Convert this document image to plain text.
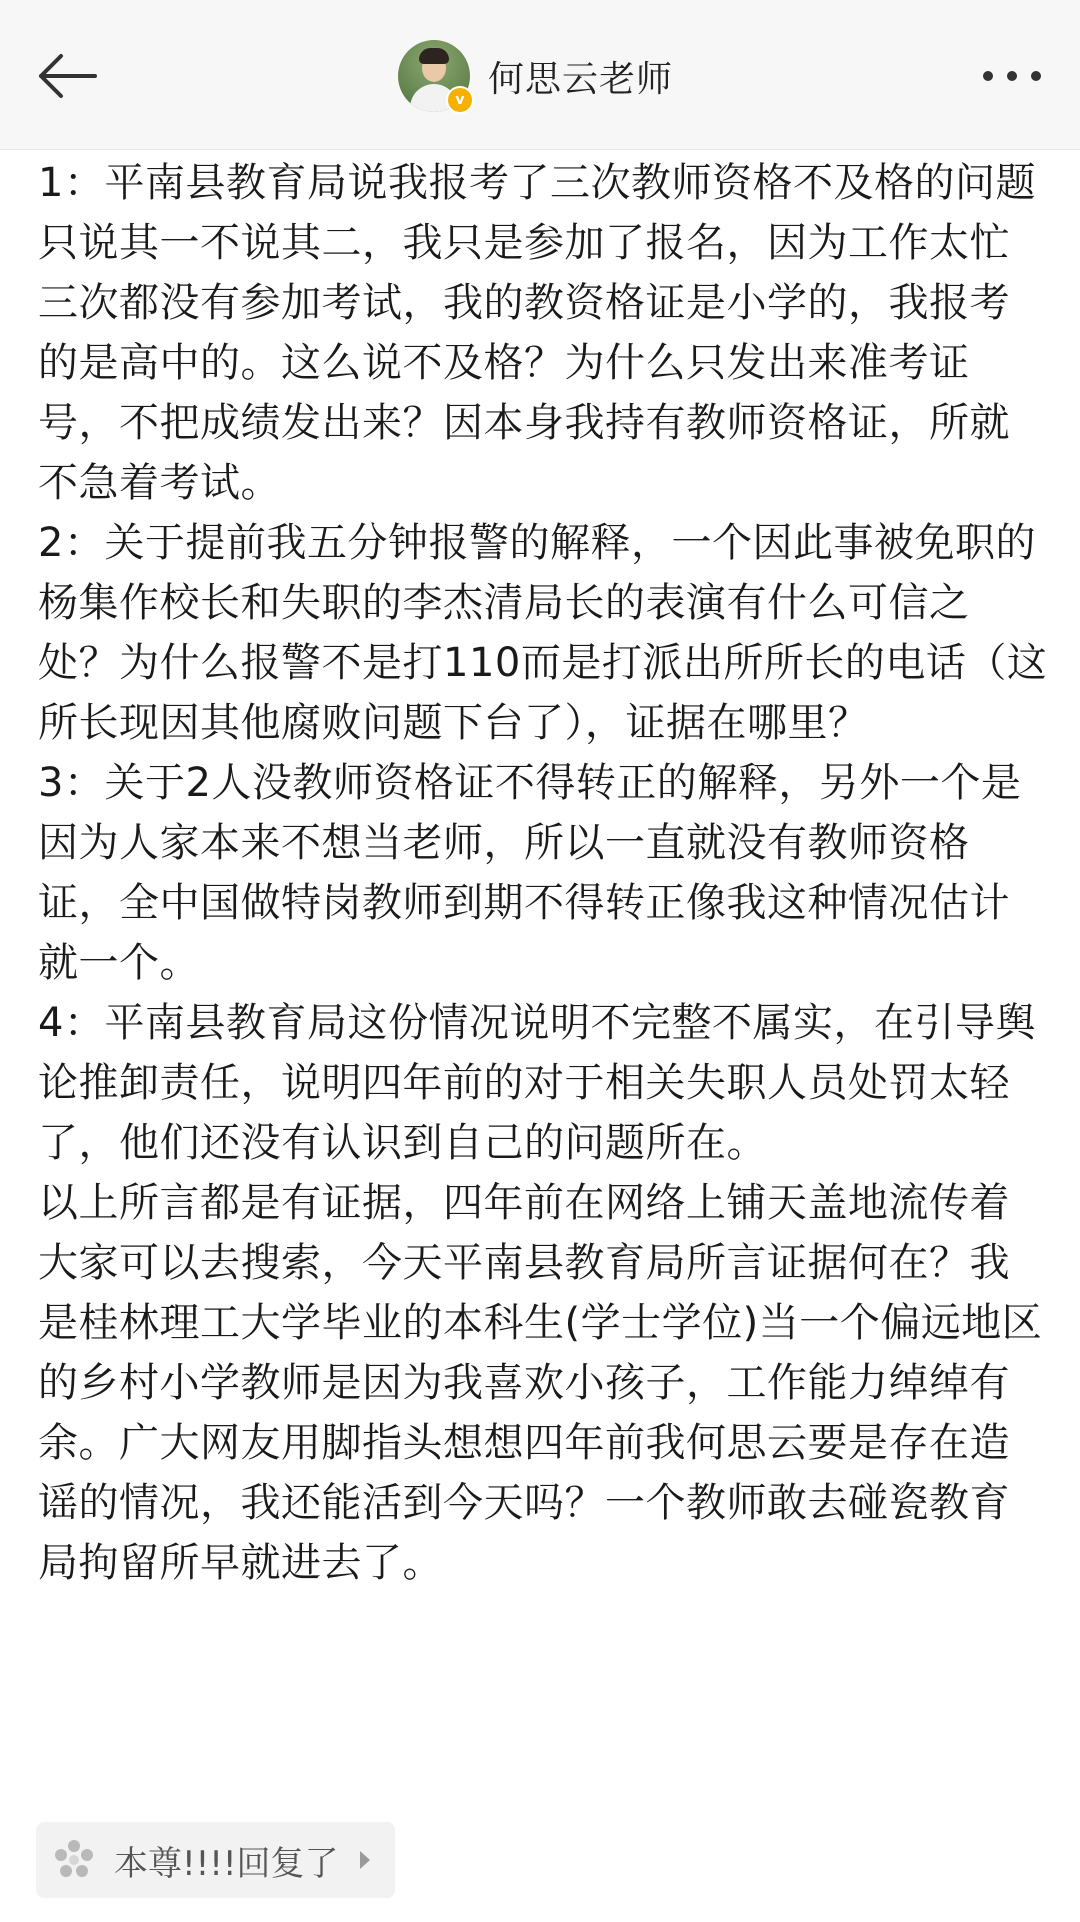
v
何思云老师

1：平南县教育局说我报考了三次教师资格不及格的问题只说其一不说其二，我只是参加了报名，因为工作太忙三次都没有参加考试，我的教资格证是小学的，我报考的是高中的。这么说不及格？为什么只发出来准考证号，不把成绩发出来？因本身我持有教师资格证，所就不急着考试。

2：关于提前我五分钟报警的解释，一个因此事被免职的杨集作校长和失职的李杰清局长的表演有什么可信之处？为什么报警不是打110而是打派出所所长的电话（这所长现因其他腐败问题下台了），证据在哪里？

3：关于2人没教师资格证不得转正的解释，另外一个是因为人家本来不想当老师，所以一直就没有教师资格证，全中国做特岗教师到期不得转正像我这种情况估计就一个。

4：平南县教育局这份情况说明不完整不属实，在引导舆论推卸责任，说明四年前的对于相关失职人员处罚太轻了，他们还没有认识到自己的问题所在。

以上所言都是有证据，四年前在网络上铺天盖地流传着大家可以去搜索，今天平南县教育局所言证据何在？我是桂林理工大学毕业的本科生(学士学位)当一个偏远地区的乡村小学教师是因为我喜欢小孩子，工作能力绰绰有余。广大网友用脚指头想想四年前我何思云要是存在造谣的情况，我还能活到今天吗？一个教师敢去碰瓷教育局拘留所早就进去了。

本尊!!!!回复了
